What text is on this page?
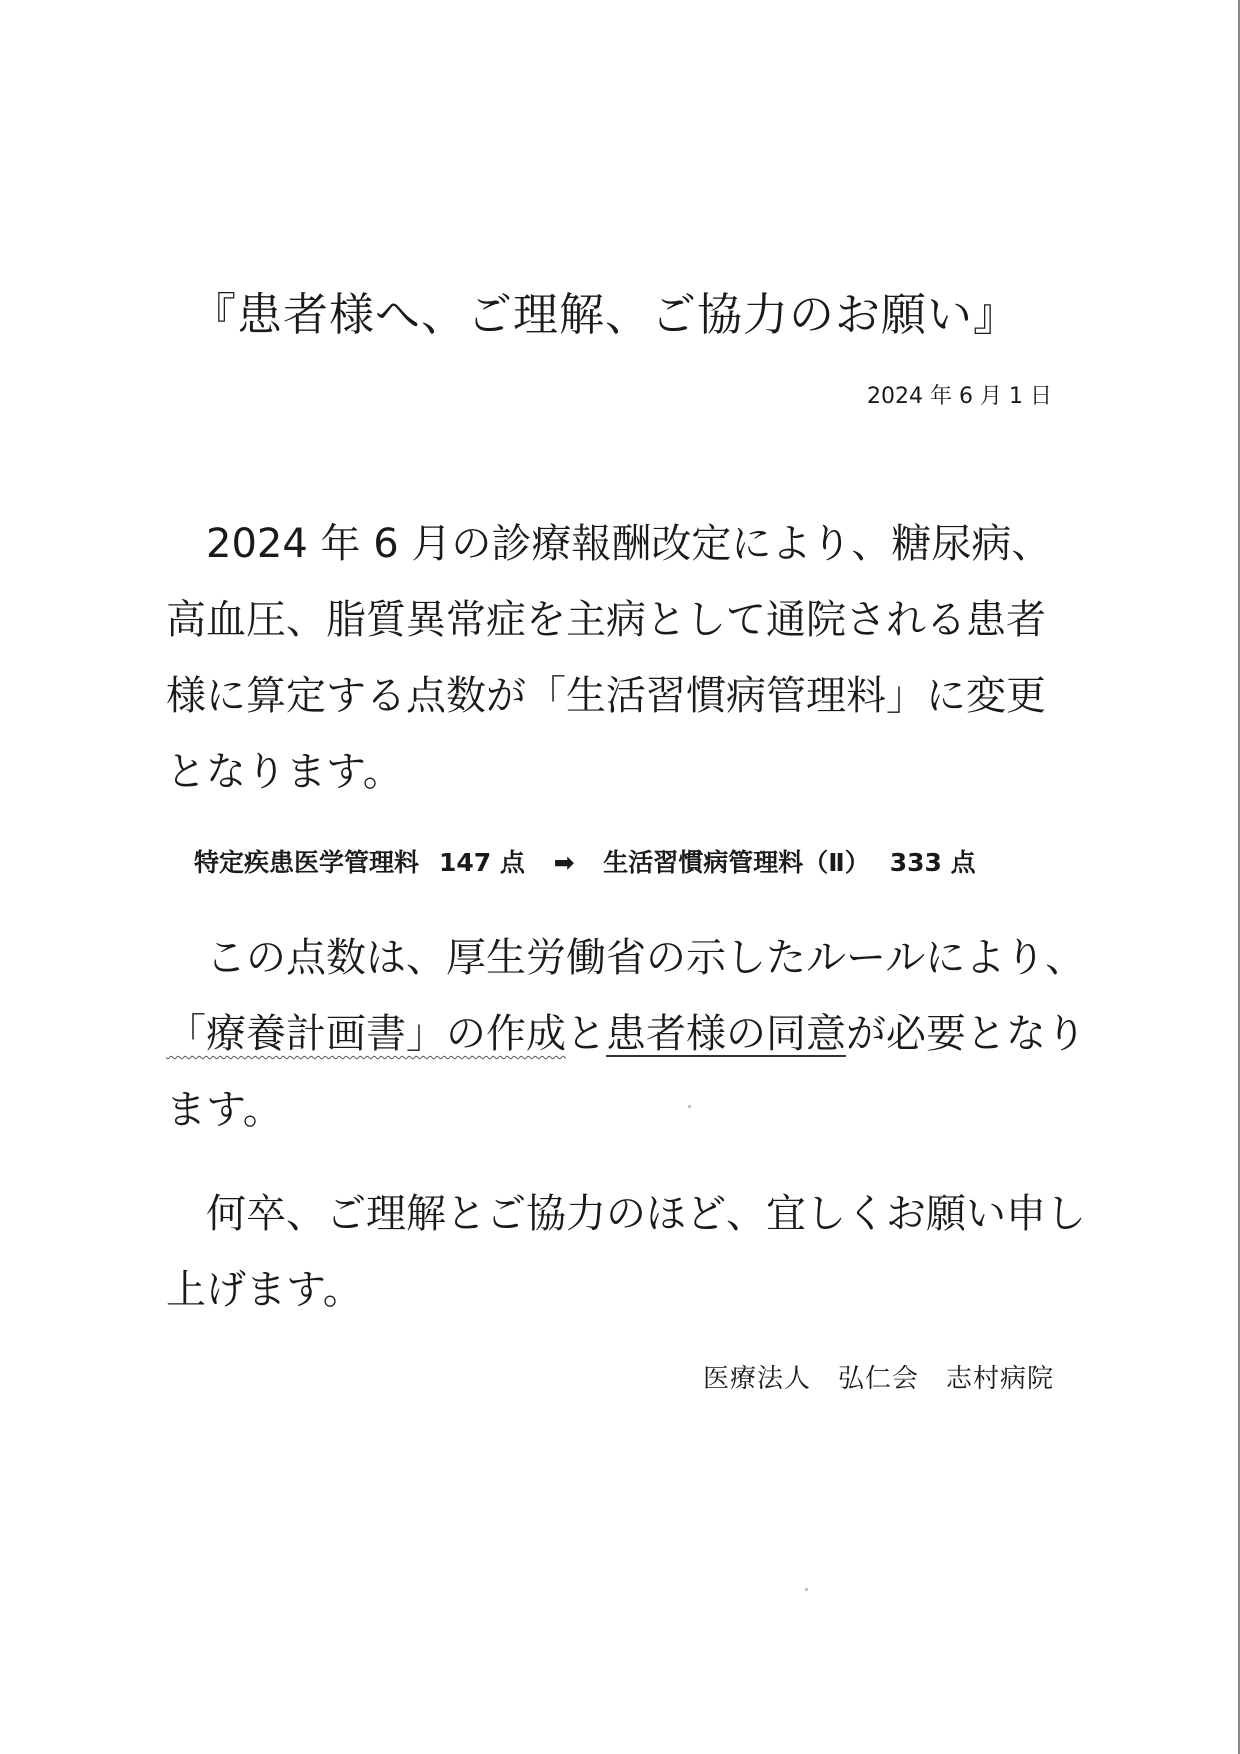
『患者様へ、ご理解、ご協力のお願い』
2024 年 6 月 1 日
2024 年 6 月の診療報酬改定により、糖尿病、
高血圧、脂質異常症を主病として通院される患者
様に算定する点数が「生活習慣病管理料」に変更
となります。
特定疾患医学管理料 147 点 ➡ 生活習慣病管理料（Ⅱ） 333 点
この点数は、厚生労働省の示したルールにより、
「療養計画書」の作成と患者様の同意が必要となり
ます。
何卒、ご理解とご協力のほど、宜しくお願い申し
上げます。
医療法人　弘仁会　志村病院
